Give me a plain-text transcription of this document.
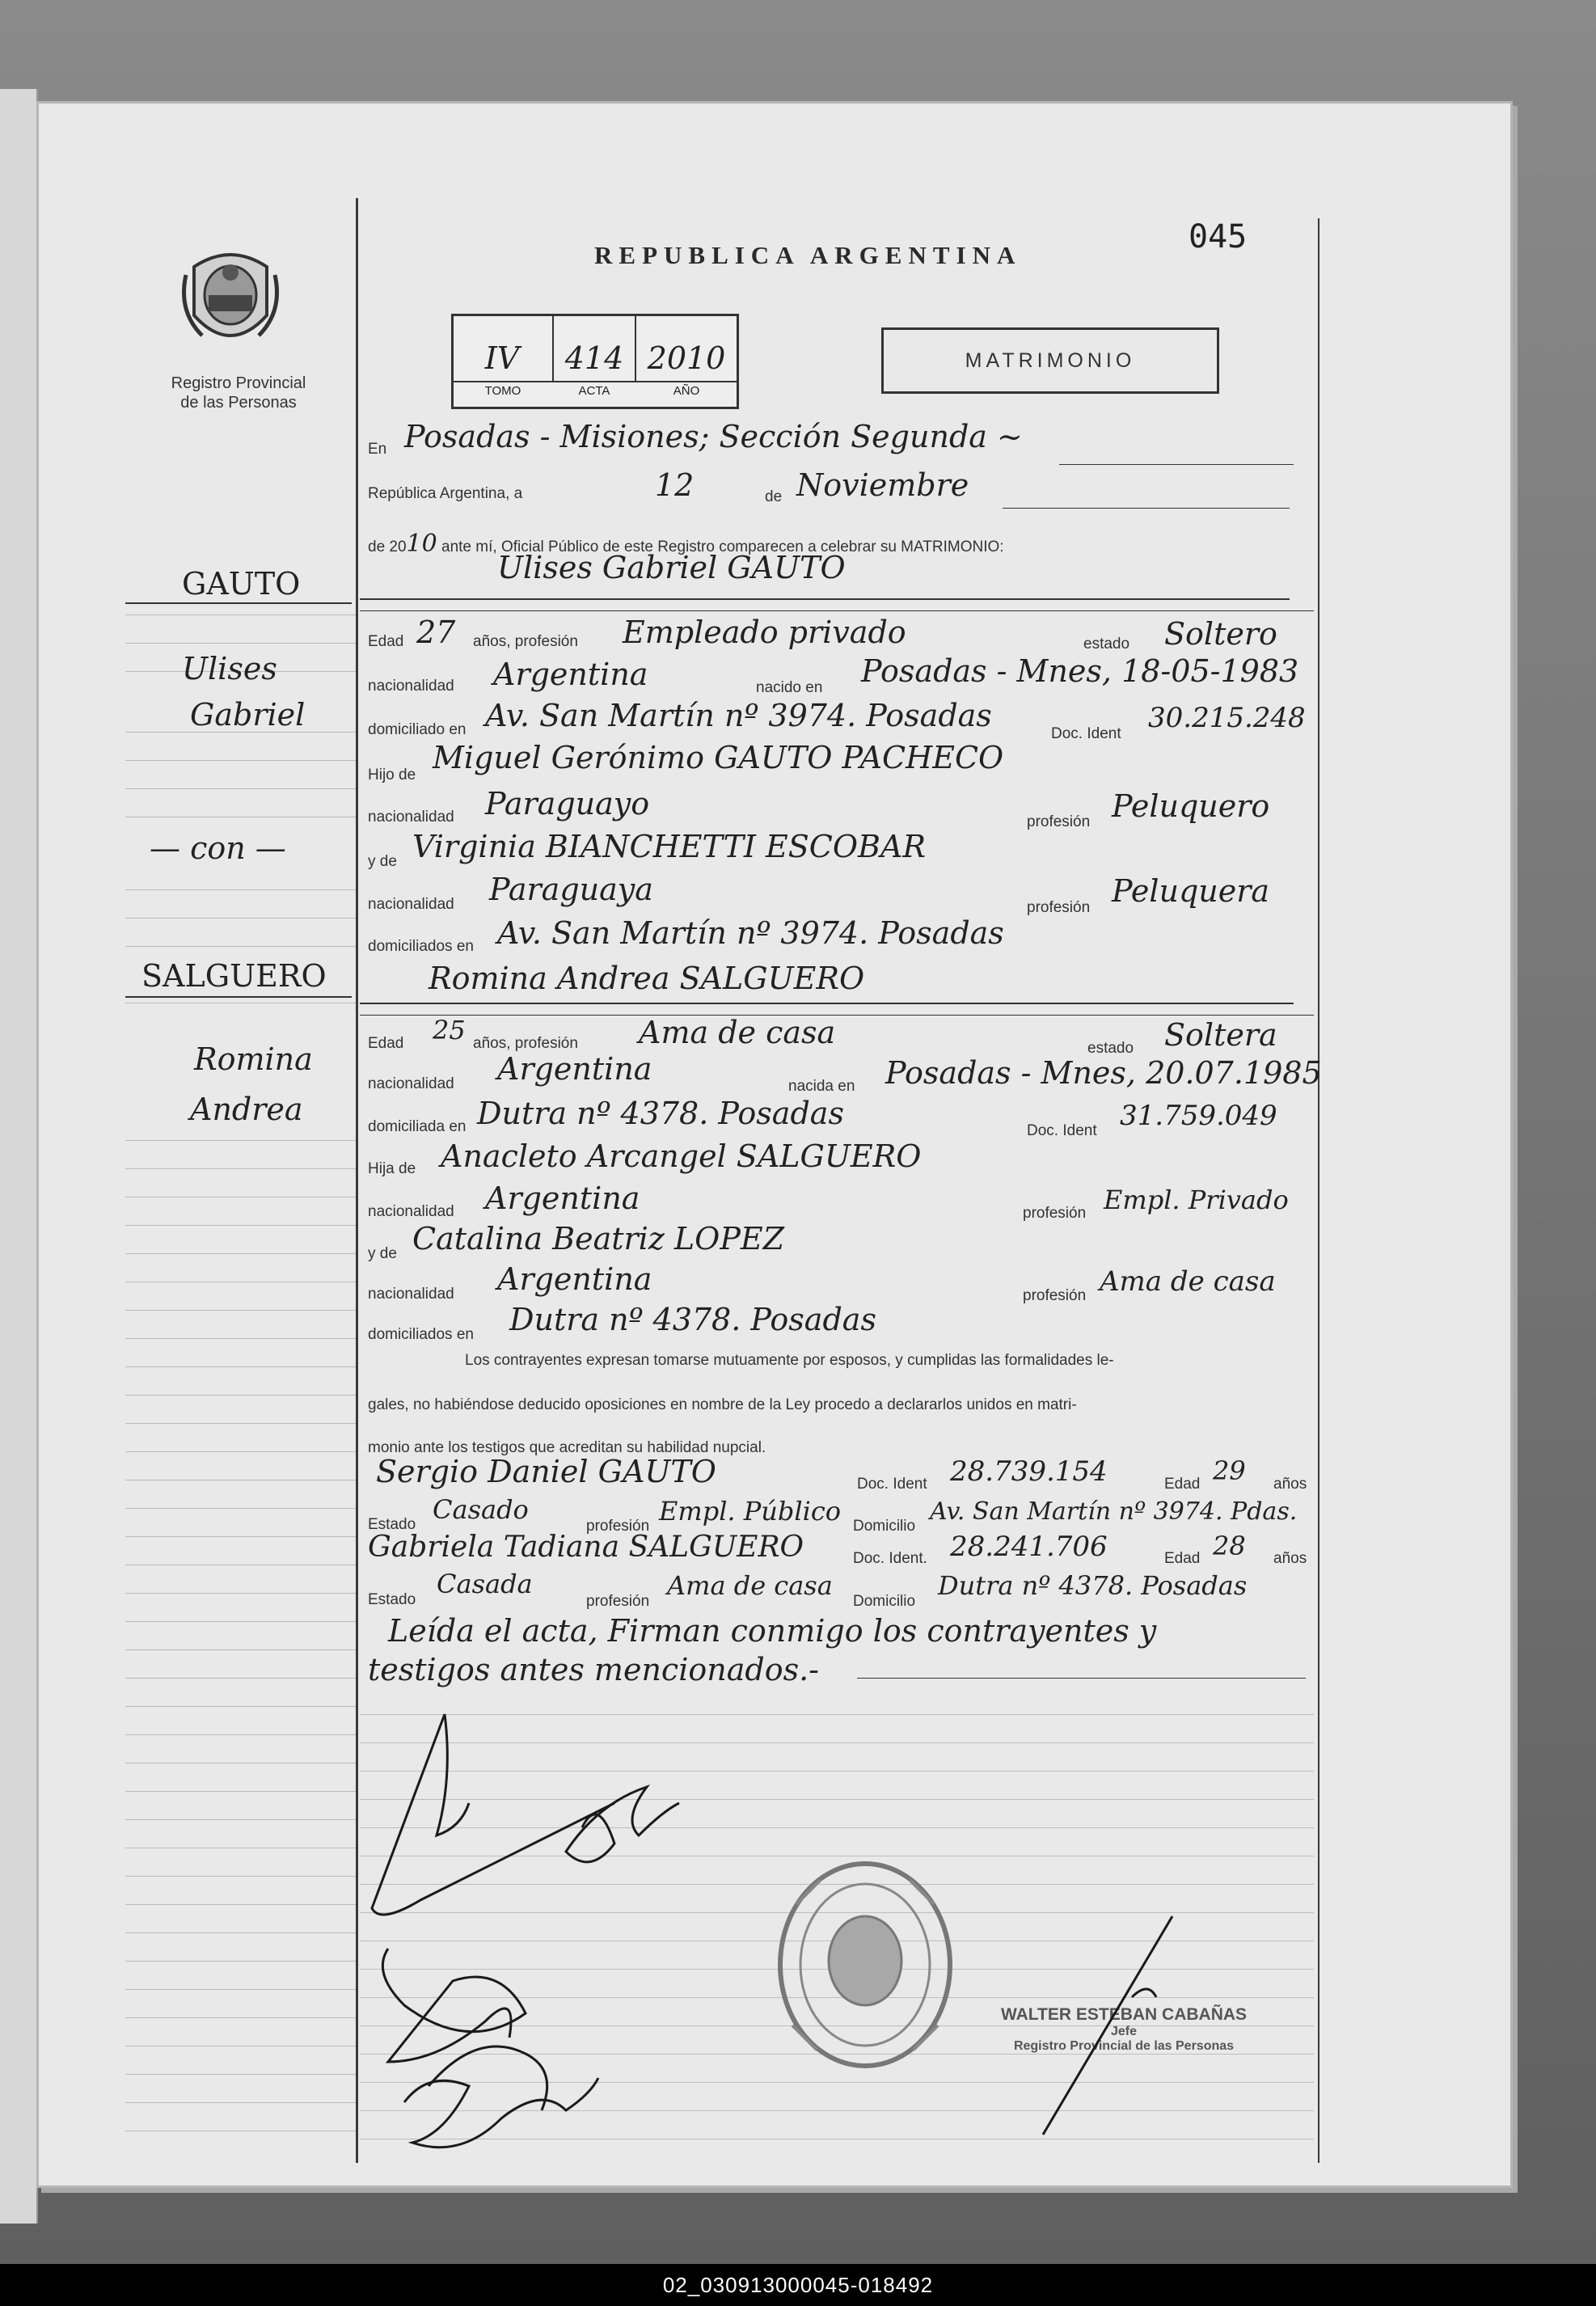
Registro Provincial
de las Personas
REPUBLICA ARGENTINA	045
IV	414 2010
TOMO	ACTA	AÑO
MATRIMONIO
GAUTO
Ulises
Gabriel
— con —
SALGUERO
Romina
Andrea
En Posadas - Misiones; Sección Segunda ~
República Argentina, a	12	de Noviembre
de 2010 ante mí, Oficial Público de este Registro comparecen a celebrar su MATRIMONIO:
Ulises Gabriel GAUTO
Edad 27 años, profesión Empleado privado	estado Soltero
nacionalidad Argentina	nacido en Posadas - Mnes, 18-05-1983
domiciliado en Av. San Martín nº 3974. Posadas
Doc. Ident 30.215.248
Hijo de Miguel Gerónimo GAUTO PACHECO
nacionalidad Paraguayo
profesión Peluquero
y de Virginia BIANCHETTI ESCOBAR
nacionalidad Paraguaya
profesión Peluquera
domiciliados en Av. San Martín nº 3974. Posadas
Romina Andrea SALGUERO
Edad 25 años, profesión Ama de casa	estado Soltera
nacionalidad Argentina	nacida en Posadas - Mnes, 20.07.1985
domiciliada en Dutra nº 4378. Posadas	Doc. Ident 31.759.049
Hija de Anacleto Arcangel SALGUERO
nacionalidad Argentina	profesión Empl. Privado
y de Catalina Beatriz LOPEZ
nacionalidad Argentina	profesión Ama de casa
domiciliados en Dutra nº 4378. Posadas
Los contrayentes expresan tomarse mutuamente por esposos, y cumplidas las formalidades le-
gales, no habiéndose deducido oposiciones en nombre de la Ley procedo a declararlos unidos en matri-
monio ante los testigos que acreditan su habilidad nupcial.
Sergio Daniel GAUTO	Doc. Ident 28.739.154	Edad 29 años
Estado Casado
profesión Empl. Público Domicilio
Av. San Martín nº 3974. Pdas.
Gabriela Tadiana SALGUERO	Doc. Ident. 28.241.706	Edad 28 años
Estado
Casada
profesión
Ama de casa
Domicilio
Dutra nº 4378. Posadas
Leída el acta, Firman conmigo los contrayentes y
testigos antes mencionados.-
WALTER ESTEBAN CABAÑAS
Jefe
Registro Provincial de las Personas
02_030913000045-018492
